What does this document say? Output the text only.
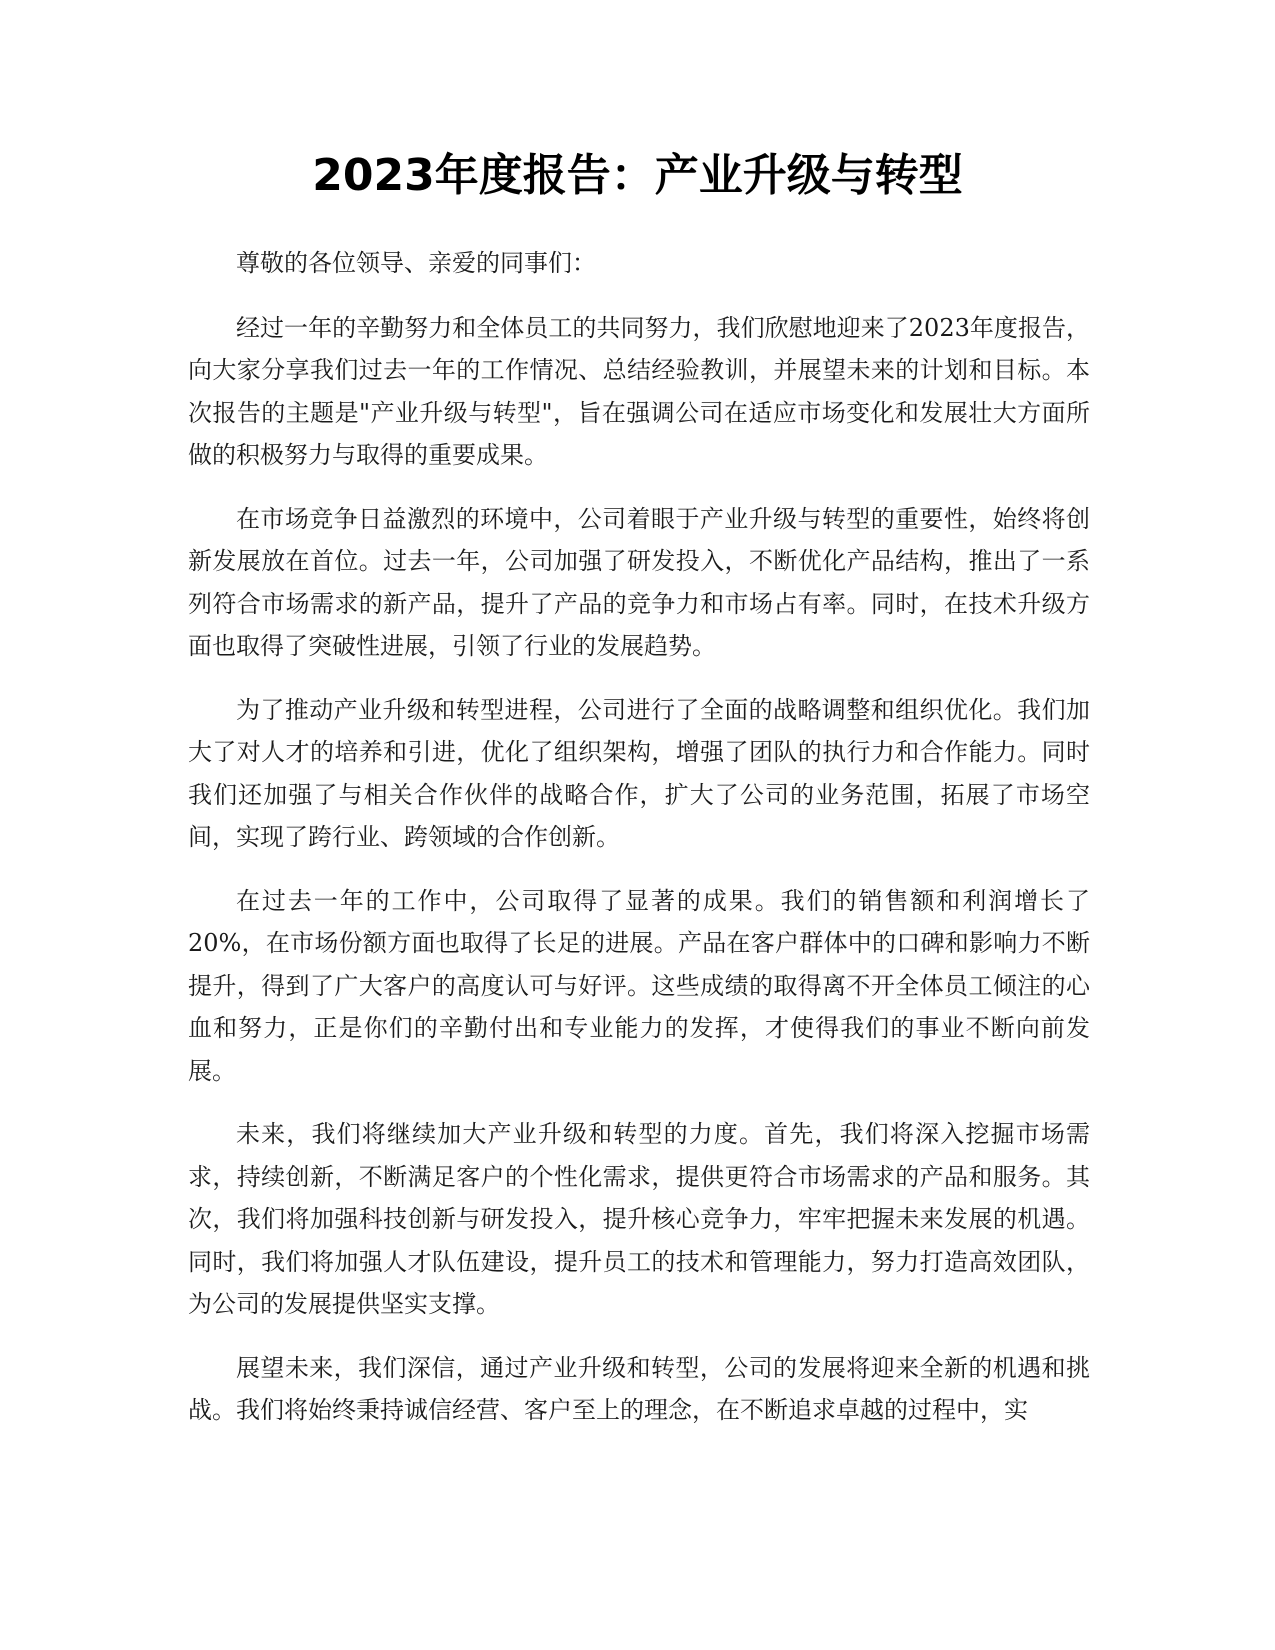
2023年度报告：产业升级与转型

尊敬的各位领导、亲爱的同事们：

经过一年的辛勤努力和全体员工的共同努力，我们欣慰地迎来了2023年度报告，向大家分享我们过去一年的工作情况、总结经验教训，并展望未来的计划和目标。本次报告的主题是"产业升级与转型"，旨在强调公司在适应市场变化和发展壮大方面所做的积极努力与取得的重要成果。

在市场竞争日益激烈的环境中，公司着眼于产业升级与转型的重要性，始终将创新发展放在首位。过去一年，公司加强了研发投入，不断优化产品结构，推出了一系列符合市场需求的新产品，提升了产品的竞争力和市场占有率。同时，在技术升级方面也取得了突破性进展，引领了行业的发展趋势。

为了推动产业升级和转型进程，公司进行了全面的战略调整和组织优化。我们加大了对人才的培养和引进，优化了组织架构，增强了团队的执行力和合作能力。同时我们还加强了与相关合作伙伴的战略合作，扩大了公司的业务范围，拓展了市场空间，实现了跨行业、跨领域的合作创新。

在过去一年的工作中，公司取得了显著的成果。我们的销售额和利润增长了20%，在市场份额方面也取得了长足的进展。产品在客户群体中的口碑和影响力不断提升，得到了广大客户的高度认可与好评。这些成绩的取得离不开全体员工倾注的心血和努力，正是你们的辛勤付出和专业能力的发挥，才使得我们的事业不断向前发展。

未来，我们将继续加大产业升级和转型的力度。首先，我们将深入挖掘市场需求，持续创新，不断满足客户的个性化需求，提供更符合市场需求的产品和服务。其次，我们将加强科技创新与研发投入，提升核心竞争力，牢牢把握未来发展的机遇。同时，我们将加强人才队伍建设，提升员工的技术和管理能力，努力打造高效团队，为公司的发展提供坚实支撑。

展望未来，我们深信，通过产业升级和转型，公司的发展将迎来全新的机遇和挑战。我们将始终秉持诚信经营、客户至上的理念，在不断追求卓越的过程中，实
